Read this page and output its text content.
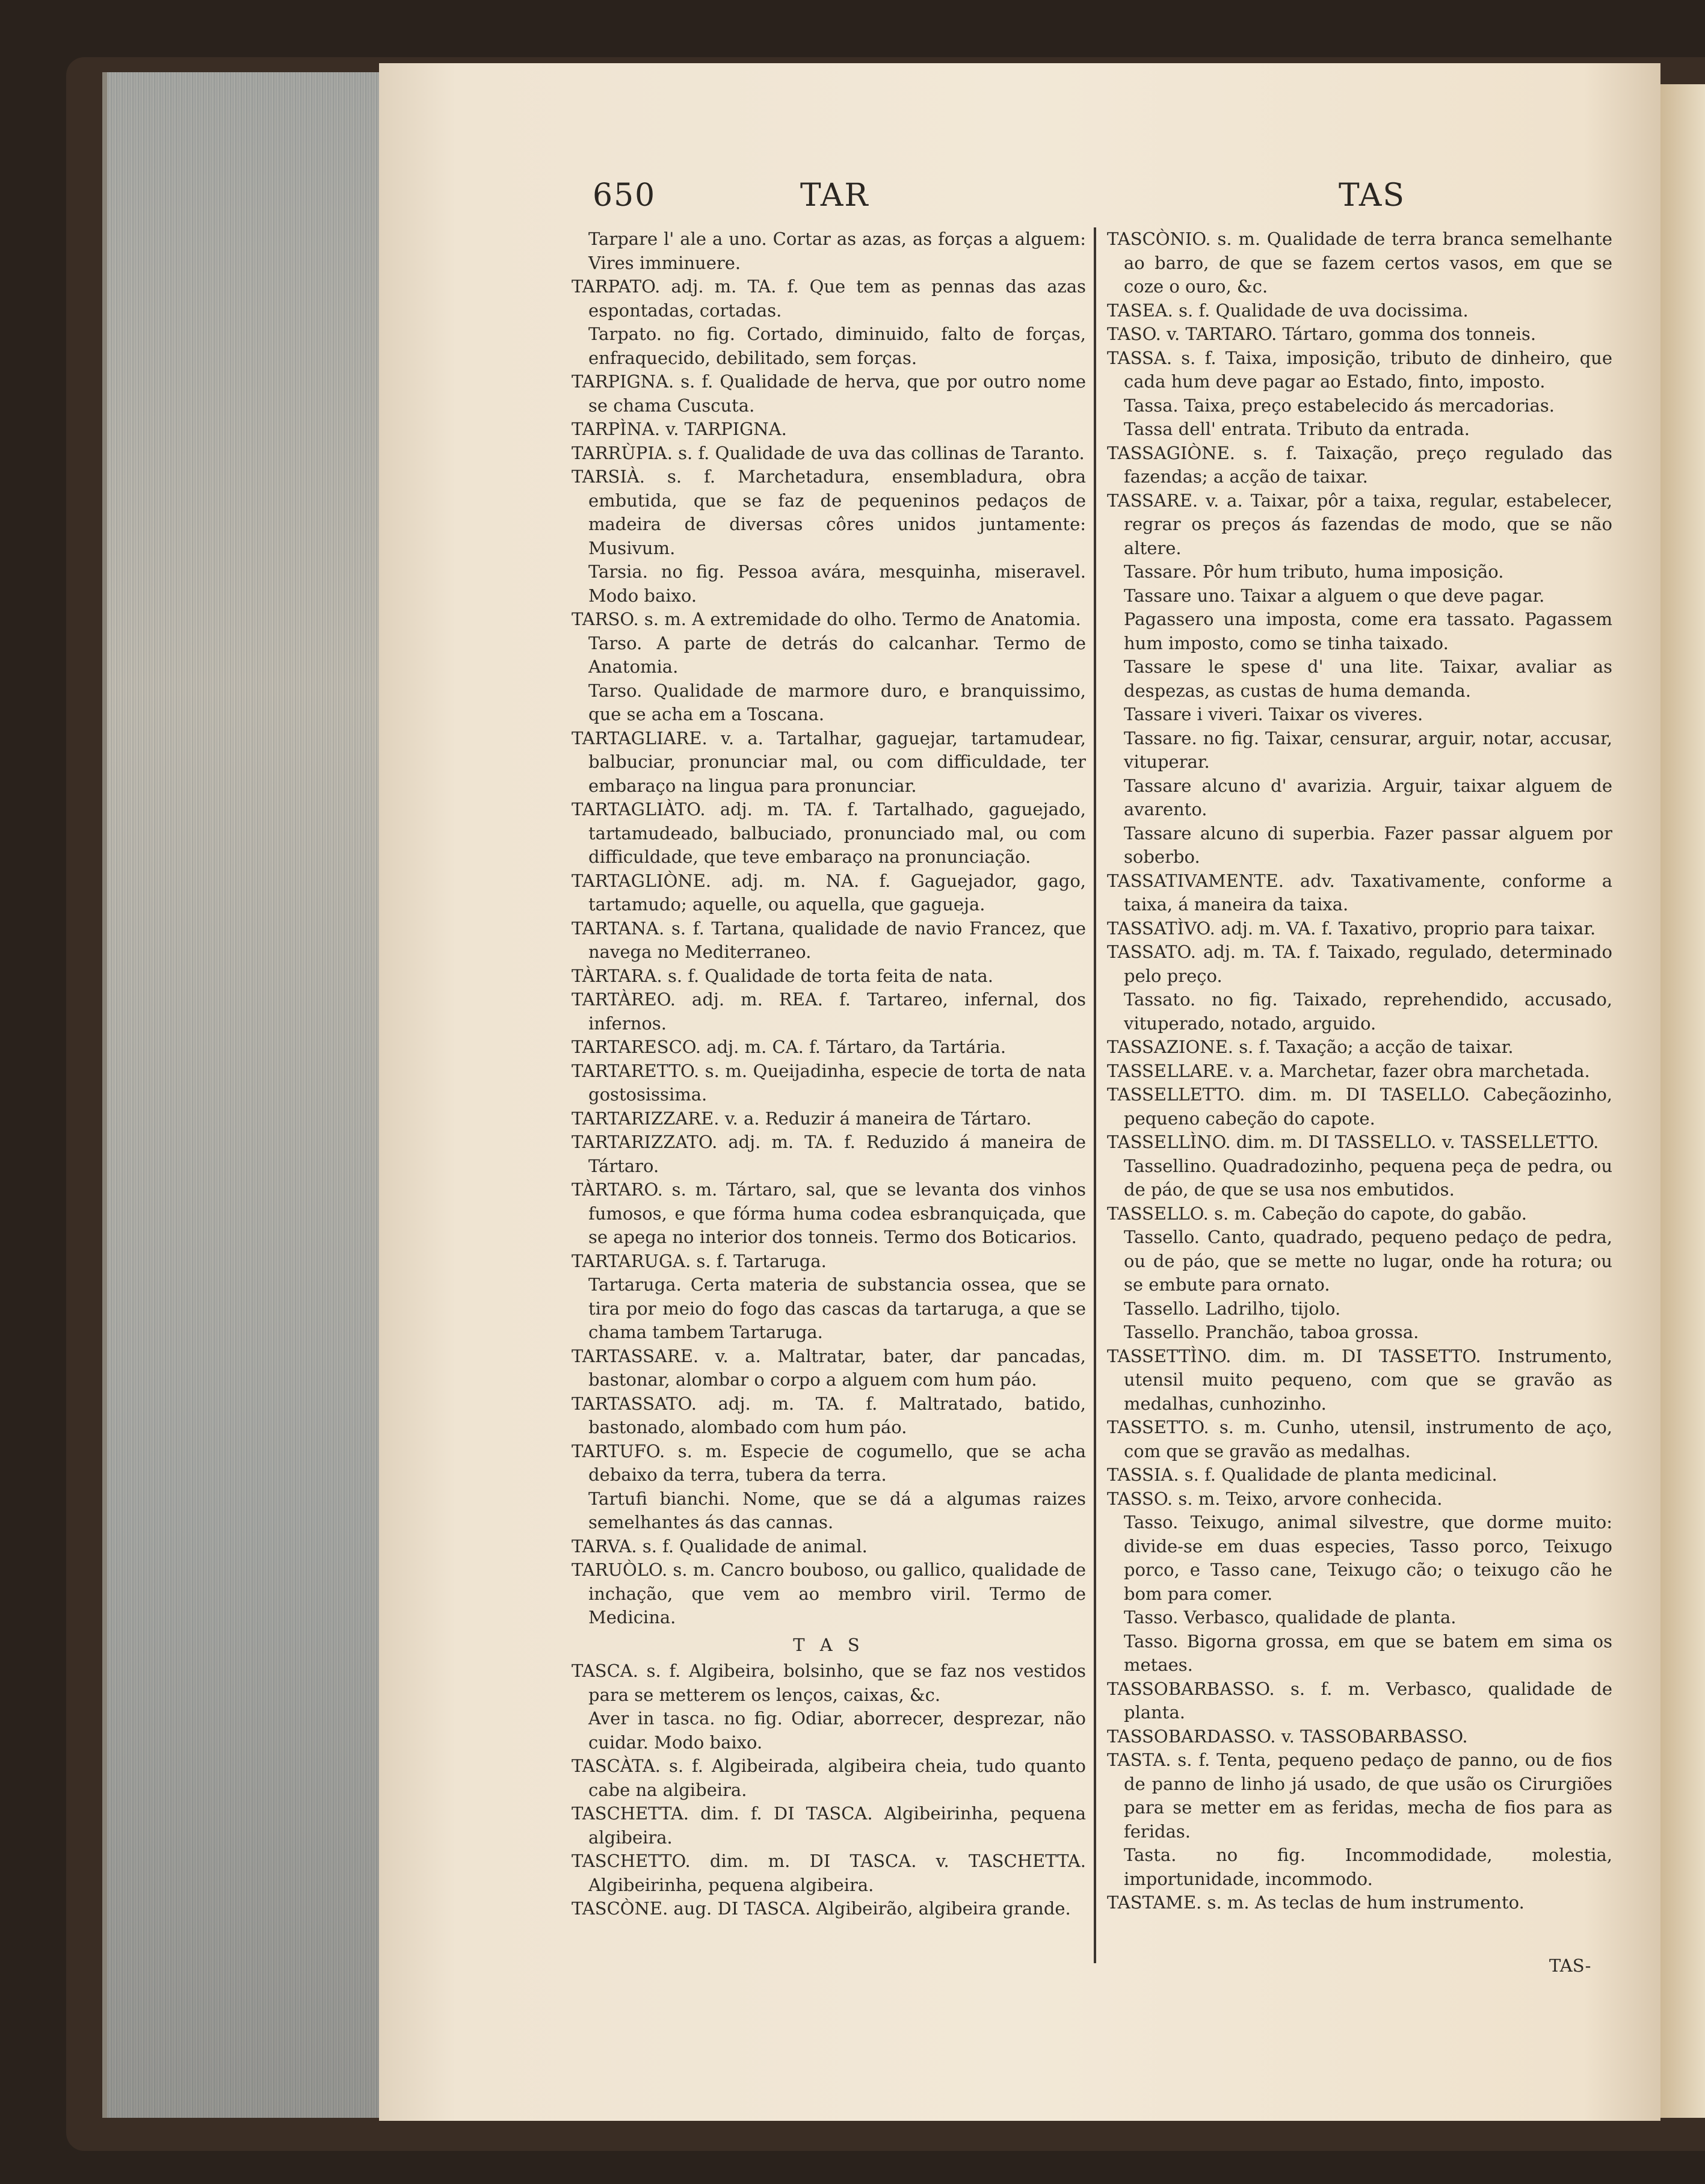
650	TAR	TAS

Tarpare l' ale a uno. Cortar as azas, as forças a alguem: Vires imminuere.

TARPATO. adj. m. TA. f. Que tem as pennas das azas espontadas, cortadas.

Tarpato. no fig. Cortado, diminuido, falto de forças, enfraquecido, debilitado, sem forças.

TARPIGNA. s. f. Qualidade de herva, que por outro nome se chama Cuscuta.

TARPÌNA. v. TARPIGNA.

TARRÙPIA. s. f. Qualidade de uva das collinas de Taranto.

TARSIÀ. s. f. Marchetadura, ensembladura, obra embutida, que se faz de pequeninos pedaços de madeira de diversas côres unidos juntamente: Musivum.

Tarsia. no fig. Pessoa avára, mesquinha, miseravel. Modo baixo.

TARSO. s. m. A extremidade do olho. Termo de Anatomia.

Tarso. A parte de detrás do calcanhar. Termo de Anatomia.

Tarso. Qualidade de marmore duro, e branquissimo, que se acha em a Toscana.

TARTAGLIARE. v. a. Tartalhar, gaguejar, tartamudear, balbuciar, pronunciar mal, ou com difficuldade, ter embaraço na lingua para pronunciar.

TARTAGLIÀTO. adj. m. TA. f. Tartalhado, gaguejado, tartamudeado, balbuciado, pronunciado mal, ou com difficuldade, que teve embaraço na pronunciação.

TARTAGLIÒNE. adj. m. NA. f. Gaguejador, gago, tartamudo; aquelle, ou aquella, que gagueja.

TARTANA. s. f. Tartana, qualidade de navio Francez, que navega no Mediterraneo.

TÀRTARA. s. f. Qualidade de torta feita de nata.

TARTÀREO. adj. m. REA. f. Tartareo, infernal, dos infernos.

TARTARESCO. adj. m. CA. f. Tártaro, da Tartária.

TARTARETTO. s. m. Queijadinha, especie de torta de nata gostosissima.

TARTARIZZARE. v. a. Reduzir á maneira de Tártaro.

TARTARIZZATO. adj. m. TA. f. Reduzido á maneira de Tártaro.

TÀRTARO. s. m. Tártaro, sal, que se levanta dos vinhos fumosos, e que fórma huma codea esbranquiçada, que se apega no interior dos tonneis. Termo dos Boticarios.

TARTARUGA. s. f. Tartaruga.

Tartaruga. Certa materia de substancia ossea, que se tira por meio do fogo das cascas da tartaruga, a que se chama tambem Tartaruga.

TARTASSARE. v. a. Maltratar, bater, dar pancadas, bastonar, alombar o corpo a alguem com hum páo.

TARTASSATO. adj. m. TA. f. Maltratado, batido, bastonado, alombado com hum páo.

TARTUFO. s. m. Especie de cogumello, que se acha debaixo da terra, tubera da terra.

Tartufi bianchi. Nome, que se dá a algumas raizes semelhantes ás das cannas.

TARVA. s. f. Qualidade de animal.

TARUÒLO. s. m. Cancro bouboso, ou gallico, qualidade de inchação, que vem ao membro viril. Termo de Medicina.

T A S

TASCA. s. f. Algibeira, bolsinho, que se faz nos vestidos para se metterem os lenços, caixas, &c.

Aver in tasca. no fig. Odiar, aborrecer, desprezar, não cuidar. Modo baixo.

TASCÀTA. s. f. Algibeirada, algibeira cheia, tudo quanto cabe na algibeira.

TASCHETTA. dim. f. DI TASCA. Algibeirinha, pequena algibeira.

TASCHETTO. dim. m. DI TASCA. v. TASCHETTA. Algibeirinha, pequena algibeira.

TASCÒNE. aug. DI TASCA. Algibeirão, algibeira grande.

TASCÒNIO. s. m. Qualidade de terra branca semelhante ao barro, de que se fazem certos vasos, em que se coze o ouro, &c.

TASEA. s. f. Qualidade de uva docissima.

TASO. v. TARTARO. Tártaro, gomma dos tonneis.

TASSA. s. f. Taixa, imposição, tributo de dinheiro, que cada hum deve pagar ao Estado, finto, imposto.

Tassa. Taixa, preço estabelecido ás mercadorias.

Tassa dell' entrata. Tributo da entrada.

TASSAGIÒNE. s. f. Taixação, preço regulado das fazendas; a acção de taixar.

TASSARE. v. a. Taixar, pôr a taixa, regular, estabelecer, regrar os preços ás fazendas de modo, que se não altere.

Tassare. Pôr hum tributo, huma imposição.

Tassare uno. Taixar a alguem o que deve pagar.

Pagassero una imposta, come era tassato. Pagassem hum imposto, como se tinha taixado.

Tassare le spese d' una lite. Taixar, avaliar as despezas, as custas de huma demanda.

Tassare i viveri. Taixar os viveres.

Tassare. no fig. Taixar, censurar, arguir, notar, accusar, vituperar.

Tassare alcuno d' avarizia. Arguir, taixar alguem de avarento.

Tassare alcuno di superbia. Fazer passar alguem por soberbo.

TASSATIVAMENTE. adv. Taxativamente, conforme a taixa, á maneira da taixa.

TASSATÌVO. adj. m. VA. f. Taxativo, proprio para taixar.

TASSATO. adj. m. TA. f. Taixado, regulado, determinado pelo preço.

Tassato. no fig. Taixado, reprehendido, accusado, vituperado, notado, arguido.

TASSAZIONE. s. f. Taxação; a acção de taixar.

TASSELLARE. v. a. Marchetar, fazer obra marchetada.

TASSELLETTO. dim. m. DI TASELLO. Cabeçãozinho, pequeno cabeção do capote.

TASSELLÌNO. dim. m. DI TASSELLO. v. TASSELLETTO.

Tassellino. Quadradozinho, pequena peça de pedra, ou de páo, de que se usa nos embutidos.

TASSELLO. s. m. Cabeção do capote, do gabão.

Tassello. Canto, quadrado, pequeno pedaço de pedra, ou de páo, que se mette no lugar, onde ha rotura; ou se embute para ornato.

Tassello. Ladrilho, tijolo.

Tassello. Pranchão, taboa grossa.

TASSETTÌNO. dim. m. DI TASSETTO. Instrumento, utensil muito pequeno, com que se gravão as medalhas, cunhozinho.

TASSETTO. s. m. Cunho, utensil, instrumento de aço, com que se gravão as medalhas.

TASSIA. s. f. Qualidade de planta medicinal.

TASSO. s. m. Teixo, arvore conhecida.

Tasso. Teixugo, animal silvestre, que dorme muito: divide-se em duas especies, Tasso porco, Teixugo porco, e Tasso cane, Teixugo cão; o teixugo cão he bom para comer.

Tasso. Verbasco, qualidade de planta.

Tasso. Bigorna grossa, em que se batem em sima os metaes.

TASSOBARBASSO. s. f. m. Verbasco, qualidade de planta.

TASSOBARDASSO. v. TASSOBARBASSO.

TASTA. s. f. Tenta, pequeno pedaço de panno, ou de fios de panno de linho já usado, de que usão os Cirurgiões para se metter em as feridas, mecha de fios para as feridas.

Tasta. no fig. Incommodidade, molestia, importunidade, incommodo.

TASTAME. s. m. As teclas de hum instrumento.

TAS-
